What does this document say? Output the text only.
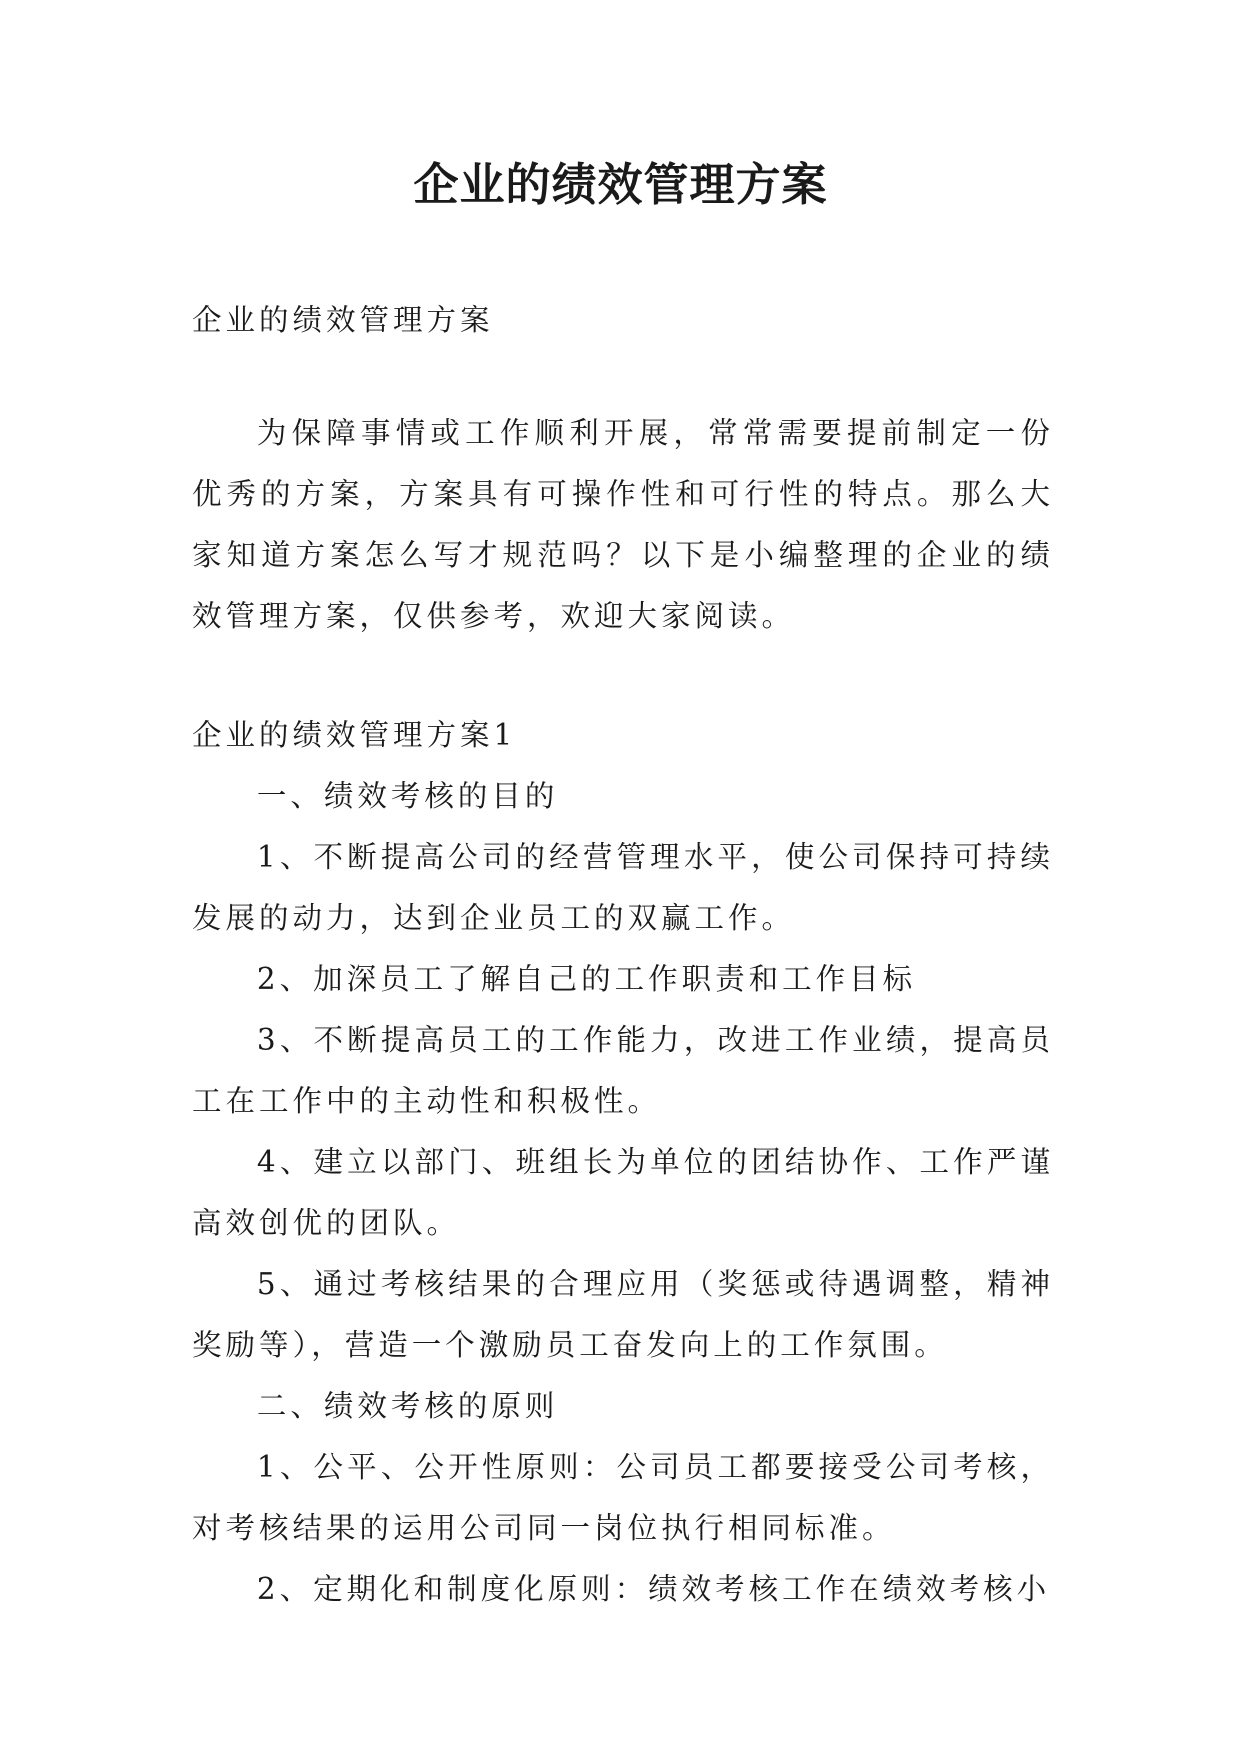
企业的绩效管理方案

企业的绩效管理方案

为保障事情或工作顺利开展，常常需要提前制定一份优秀的方案，方案具有可操作性和可行性的特点。那么大家知道方案怎么写才规范吗？以下是小编整理的企业的绩效管理方案，仅供参考，欢迎大家阅读。

企业的绩效管理方案1

一、绩效考核的目的

1、不断提高公司的经营管理水平，使公司保持可持续发展的动力，达到企业员工的双赢工作。

2、加深员工了解自己的工作职责和工作目标

3、不断提高员工的工作能力，改进工作业绩，提高员工在工作中的主动性和积极性。

4、建立以部门、班组长为单位的团结协作、工作严谨高效创优的团队。

5、通过考核结果的合理应用（奖惩或待遇调整，精神奖励等），营造一个激励员工奋发向上的工作氛围。

二、绩效考核的原则

1、公平、公开性原则：公司员工都要接受公司考核，对考核结果的运用公司同一岗位执行相同标准。

2、定期化和制度化原则：绩效考核工作在绩效考核小
